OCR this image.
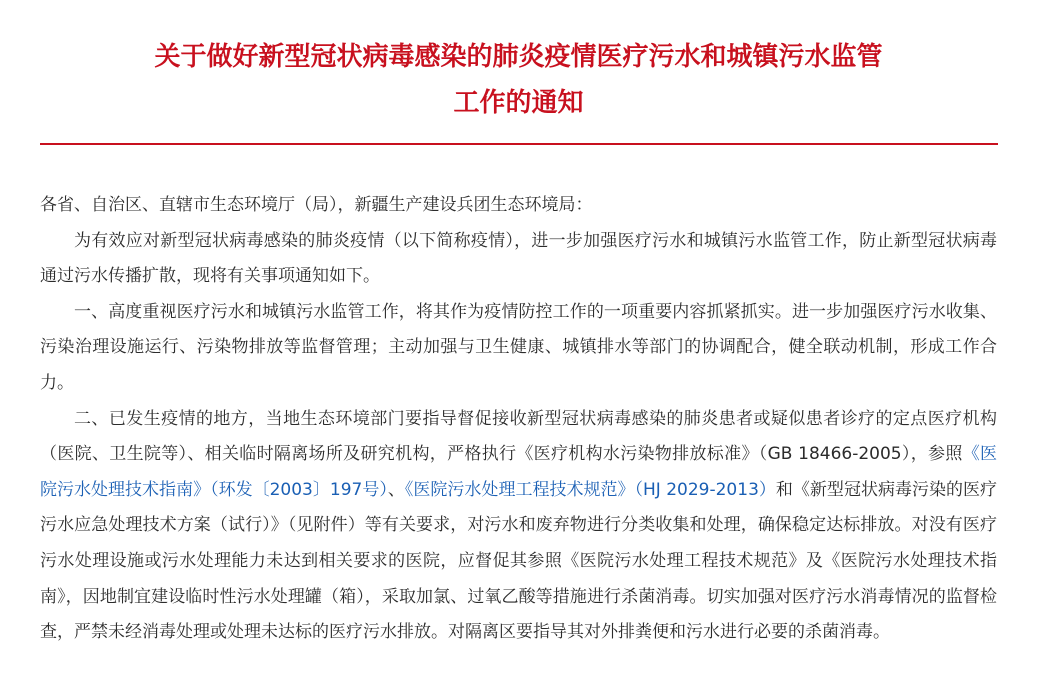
关于做好新型冠状病毒感染的肺炎疫情医疗污水和城镇污水监管
工作的通知

各省、自治区、直辖市生态环境厅（局），新疆生产建设兵团生态环境局：

为有效应对新型冠状病毒感染的肺炎疫情（以下简称疫情），进一步加强医疗污水和城镇污水监管工作，防止新型冠状病毒通过污水传播扩散，现将有关事项通知如下。

一、高度重视医疗污水和城镇污水监管工作，将其作为疫情防控工作的一项重要内容抓紧抓实。进一步加强医疗污水收集、污染治理设施运行、污染物排放等监督管理；主动加强与卫生健康、城镇排水等部门的协调配合，健全联动机制，形成工作合力。

二、已发生疫情的地方，当地生态环境部门要指导督促接收新型冠状病毒感染的肺炎患者或疑似患者诊疗的定点医疗机构（医院、卫生院等）、相关临时隔离场所及研究机构，严格执行《医疗机构水污染物排放标准》（GB 18466-2005），参照《医院污水处理技术指南》（环发〔2003〕197号）、《医院污水处理工程技术规范》（HJ 2029-2013）和《新型冠状病毒污染的医疗污水应急处理技术方案（试行）》（见附件）等有关要求，对污水和废弃物进行分类收集和处理，确保稳定达标排放。对没有医疗污水处理设施或污水处理能力未达到相关要求的医院，应督促其参照《医院污水处理工程技术规范》及《医院污水处理技术指南》，因地制宜建设临时性污水处理罐（箱），采取加氯、过氧乙酸等措施进行杀菌消毒。切实加强对医疗污水消毒情况的监督检查，严禁未经消毒处理或处理未达标的医疗污水排放。对隔离区要指导其对外排粪便和污水进行必要的杀菌消毒。
